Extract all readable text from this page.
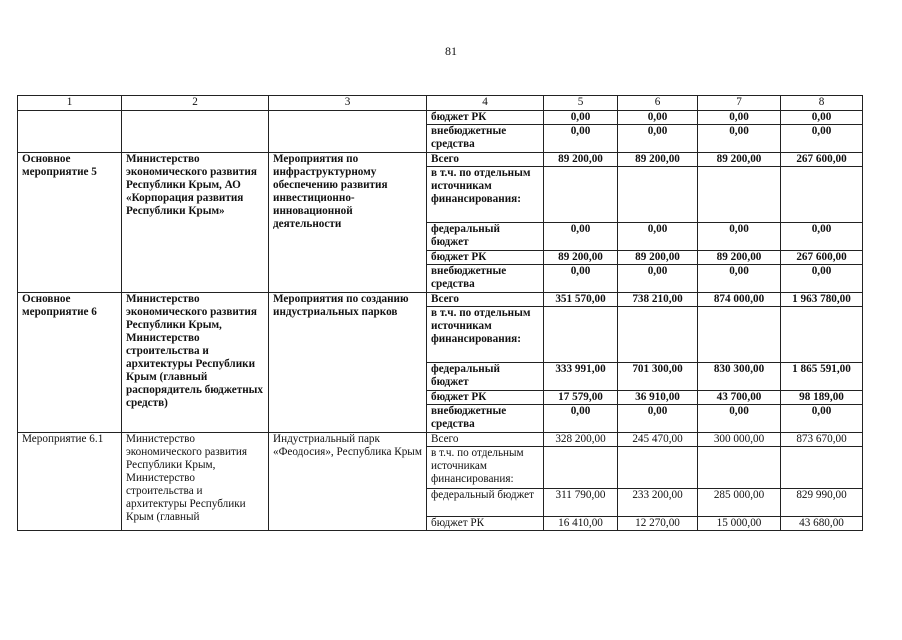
81
1	2	3	4	5	6	7	8
			бюджет РК	0,00	0,00	0,00	0,00
			внебюджетные средства	0,00	0,00	0,00	0,00
Основное мероприятие 5	Министерство экономического развития Республики Крым, АО «Корпорация развития Республики Крым»	Мероприятия по инфраструктурному обеспечению развития инвестиционно-инновационной деятельности	Всего	89 200,00	89 200,00	89 200,00	267 600,00
			в т.ч. по отдельным источникам финансирования:				
			федеральный бюджет	0,00	0,00	0,00	0,00
			бюджет РК	89 200,00	89 200,00	89 200,00	267 600,00
			внебюджетные средства	0,00	0,00	0,00	0,00
Основное мероприятие 6	Министерство экономического развития Республики Крым, Министерство строительства и архитектуры Республики Крым (главный распорядитель бюджетных средств)	Мероприятия по созданию индустриальных парков	Всего	351 570,00	738 210,00	874 000,00	1 963 780,00
			в т.ч. по отдельным источникам финансирования:				
			федеральный бюджет	333 991,00	701 300,00	830 300,00	1 865 591,00
			бюджет РК	17 579,00	36 910,00	43 700,00	98 189,00
			внебюджетные средства	0,00	0,00	0,00	0,00
Мероприятие 6.1	Министерство экономического развития Республики Крым, Министерство строительства и архитектуры Республики Крым (главный	Индустриальный парк «Феодосия», Республика Крым	Всего	328 200,00	245 470,00	300 000,00	873 670,00
			в т.ч. по отдельным источникам финансирования:				
			федеральный бюджет	311 790,00	233 200,00	285 000,00	829 990,00
			бюджет РК	16 410,00	12 270,00	15 000,00	43 680,00
